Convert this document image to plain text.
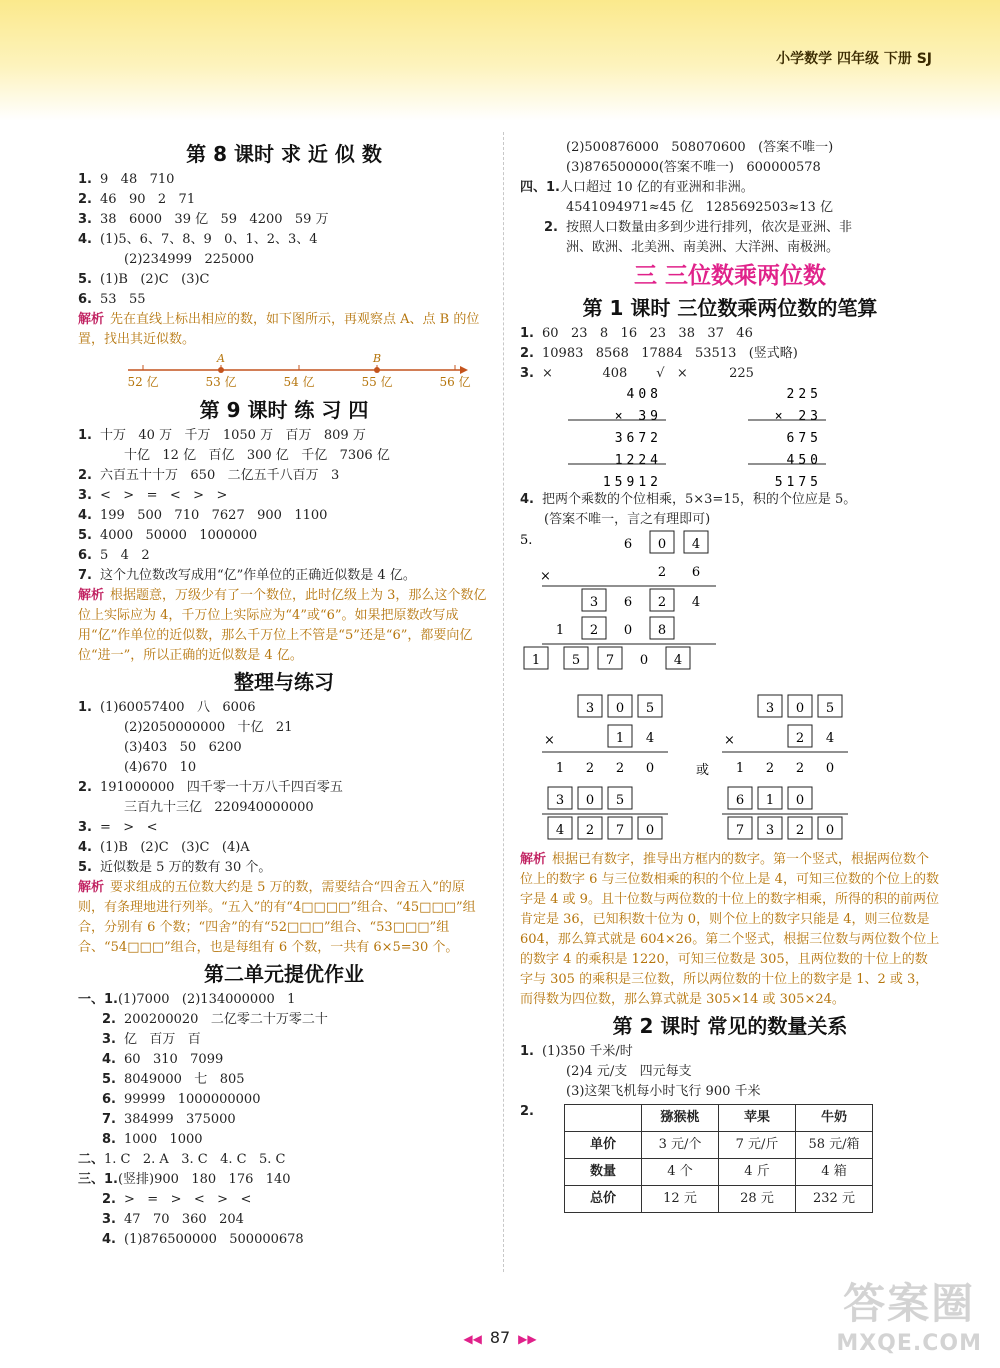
小学数学 四年级 下册 SJ
第 8 课时 求 近 似 数
1. 9   48   710
2. 46   90   2   71
3. 38   6000   39 亿   59   4200   59 万
4. (1)5、6、7、8、9   0、1、2、3、4
(2)234999   225000
5. (1)B   (2)C   (3)C
6. 53   55
解析 先在直线上标出相应的数，如下图所示，再观察点 A、点 B 的位置，找出其近似数。
52 亿	53 亿	54 亿	55 亿	56 亿
A	B
第 9 课时 练 习 四
1. 十万   40 万   千万   1050 万   百万   809 万
十亿   12 亿   百亿   300 亿   千亿   7306 亿
2. 六百五十十万   650   二亿五千八百万   3
3. <   >   =   <   >   >
4. 199   500   710   7627   900   1100
5. 4000   50000   1000000
6. 5   4   2
7. 这个九位数改写成用“亿”作单位的正确近似数是 4 亿。
解析 根据题意，万级少有了一个数位，此时亿级上为 3，那么这个数亿位上实际应为 4，千万位上实际应为“4”或“6”。如果把原数改写成用“亿”作单位的近似数，那么千万位上不管是“5”还是“6”，都要向亿位“进一”，所以正确的近似数是 4 亿。
整理与练习
1. (1)60057400   八   6006
(2)2050000000   十亿   21
(3)403   50   6200
(4)670   10
2. 191000000   四千零一十万八千四百零五
三百九十三亿   220940000000
3. =   >   <
4. (1)B   (2)C   (3)C   (4)A
5. 近似数是 5 万的数有 30 个。
解析 要求组成的五位数大约是 5 万的数，需要结合“四舍五入”的原则，有条理地进行列举。“五入”的有“4□□□□”组合、“45□□□”组合，分别有 6 个数；“四舍”的有“52□□□”组合、“53□□□”组合、“54□□□”组合，也是每组有 6 个数，一共有 6×5=30 个。
第二单元提优作业
一、1.(1)7000   (2)134000000   1
2. 200200020   二亿零二十万零二十
3. 亿   百万   百
4. 60   310   7099
5. 8049000   七   805
6. 99999   1000000000
7. 384999   375000
8. 1000   1000
二、1. C   2. A   3. C   4. C   5. C
三、1.(竖排)900   180   176   140
2. >   =   >   <   >   <
3. 47   70   360   204
4. (1)876500000   500000678
(2)500876000   508070600   (答案不唯一)
(3)876500000(答案不唯一)   600000578
四、1.人口超过 10 亿的有亚洲和非洲。
4541094971≈45 亿   1285692503≈13 亿
2. 按照人口数量由多到少进行排列，依次是亚洲、非
洲、欧洲、北美洲、南美洲、大洋洲、南极洲。
三 三位数乘两位数
第 1 课时 三位数乘两位数的笔算
1. 60   23   8   16   23   38   37   46
2. 10983   8568   17884   53513   (竖式略)
3. ×            408       √   ×          225
408
× 39
3672
1224
15912
225
× 23
675
450
5175
4. 把两个乘数的个位相乘，5×3=15，积的个位应是 5。
(答案不唯一，言之有理即可)
5.	6 0 4
×	2 6
3 6 2 4
1 2 0 8
1 5 7 0 4
3 0 5
×	1 4
1 2 2 0
3 0 5
4 2 7 0
或
3 0 5
×	2 4
1 2 2 0
6 1 0
7 3 2 0
解析 根据已有数字，推导出方框内的数字。第一个竖式，根据两位数个位上的数字 6 与三位数相乘的积的个位上是 4，可知三位数的个位上的数字是 4 或 9。且十位数与两位数的十位上的数字相乘，所得的积的前两位肯定是 36，已知积数十位为 0，则个位上的数字只能是 4，则三位数是 604，那么算式就是 604×26。第二个竖式，根据三位数与两位数个位上的数字 4 的乘积是 1220，可知三位数是 305，且两位数的十位上的数字与 305 的乘积是三位数，所以两位数的十位上的数字是 1、2 或 3，而得数为四位数，那么算式就是 305×14 或 305×24。
第 2 课时 常见的数量关系
1. (1)350 千米/时
(2)4 元/支   四元每支
(3)这架飞机每小时飞行 900 千米
2.
		猕猴桃	苹果	牛奶
单价	3 元/个	7 元/斤	58 元/箱
数量	4 个	4 斤	4 箱
总价	12 元	28 元	232 元
◀◀ 87 ▶▶
答案圈
MXQE.COM
